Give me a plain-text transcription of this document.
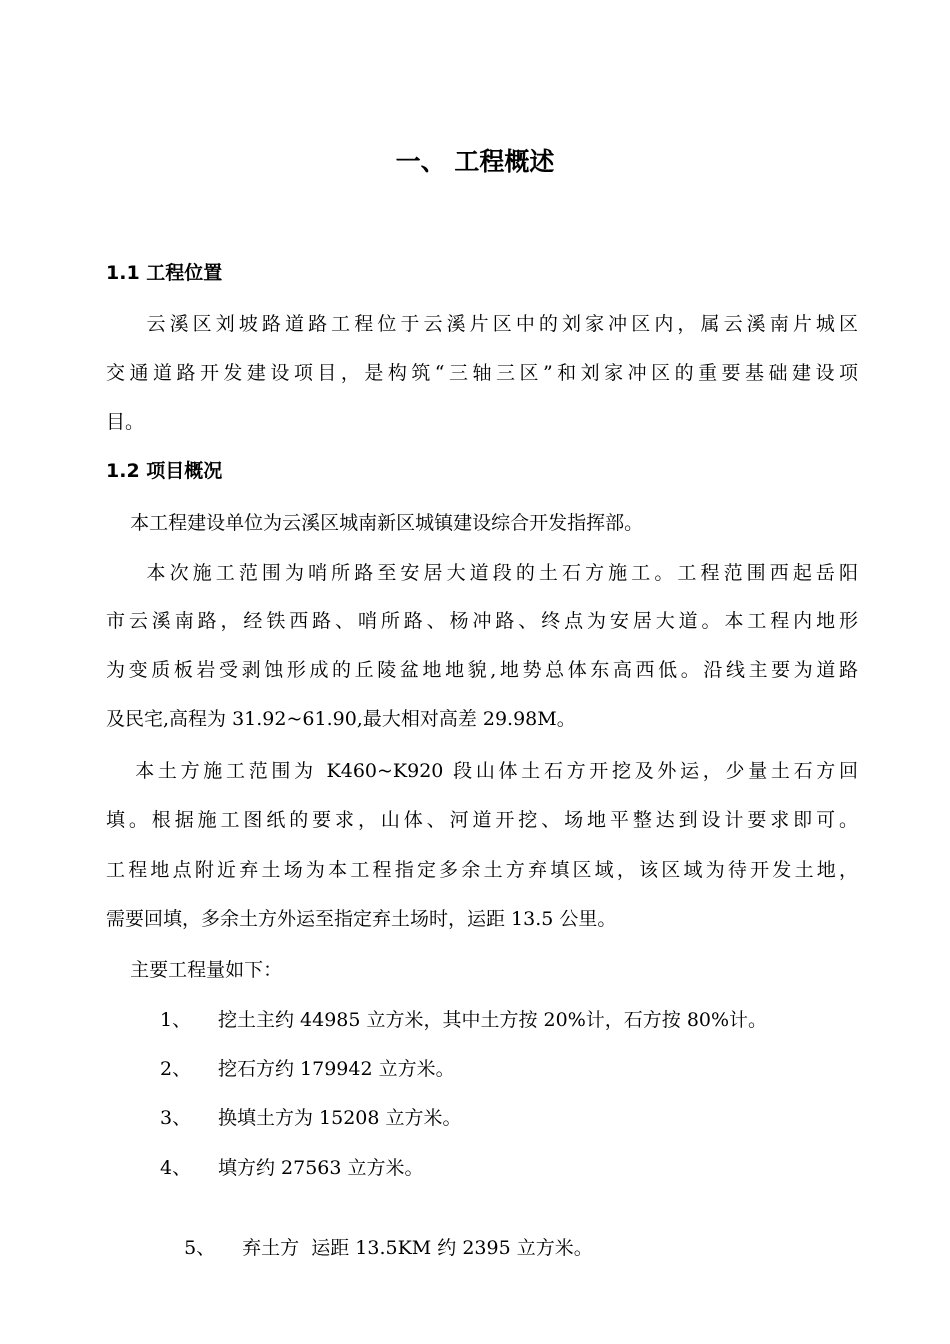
一、 工程概述
1.1 工程位置
云溪区刘坡路道路工程位于云溪片区中的刘家冲区内，属云溪南片城区
交通道路开发建设项目，是构筑“三轴三区”和刘家冲区的重要基础建设项
目。
1.2 项目概况
本工程建设单位为云溪区城南新区城镇建设综合开发指挥部。
本次施工范围为哨所路至安居大道段的土石方施工。工程范围西起岳阳
市云溪南路，经铁西路、哨所路、杨冲路、终点为安居大道。本工程内地形
为变质板岩受剥蚀形成的丘陵盆地地貌,地势总体东高西低。沿线主要为道路
及民宅,高程为 31.92~61.90,最大相对高差 29.98M。
本土方施工范围为 K460~K920 段山体土石方开挖及外运，少量土石方回
填。根据施工图纸的要求，山体、河道开挖、场地平整达到设计要求即可。
工程地点附近弃土场为本工程指定多余土方弃填区域，该区域为待开发土地，
需要回填，多余土方外运至指定弃土场时，运距 13.5 公里。
主要工程量如下：
1、 挖土主约 44985 立方米，其中土方按 20%计，石方按 80%计。
2、 挖石方约 179942 立方米。
3、 换填土方为 15208 立方米。
4、 填方约 27563 立方米。

5、 弃土方  运距 13.5KM 约 2395 立方米。
